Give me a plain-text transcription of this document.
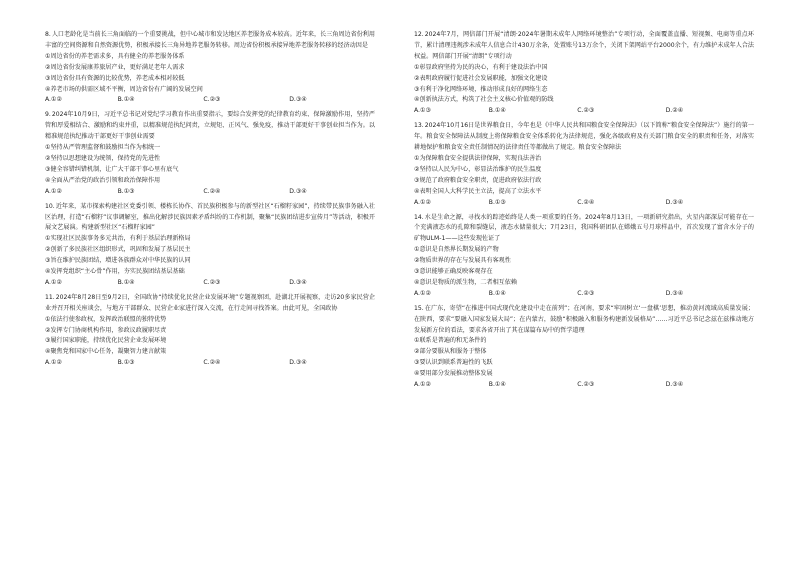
8.人口老龄化是当前长三角面临的一个重要挑战，但中心城市和发达地区养老服务成本较高。近年来，长三角周边省份利用丰富的空间资源和自然资源优势，积极承接长三角异地养老服务转移。周边省份积极承接异地养老服务转移的经济动因是
①周边省份的养老需求多，具有健全的养老服务体系
②周边省份发展康养旅居产业，更好满足老年人需求
③周边省份具有资源的比较优势，养老成本相对较低
④养老市场的供需区域不平衡，周边省份有广阔的发展空间
A.①②	B.①④	C.②③	D.③④
9.2024年10月9日，习近平总书记对党纪学习教育作出重要指示，要综合发挥党的纪律教育约束、保障激励作用，坚持严管和厚爱相结合、激励和约束并重，以精准规范执纪问责，立规矩、正风气、强免疫，推动干部更好干事创业担当作为。以精准规范执纪推动干部更好干事创业需要
①坚持从严管理监督和鼓励担当作为相统一
②坚持以思想建设为统领，保持党的先进性
③健全容错纠错机制，让广大干部干事心里有底气
④全面从严治党的政治引领和政治保障作用
A.①②	B.①③	C.②④	D.③④
10.近年来，某市探索构建社区党委引领、楼栋长协作、首民族积极参与的新型社区“石榴籽家园”，持续带民族事务融入社区治理，打造“石榴籽”议事调解室，推出化解涉民族因素矛盾纠纷的工作机制，聚集“民族团结进步宣传月”等活动，积极开展文艺展演。构建新型社区“石榴籽家园”
①实现社区民族事务多元共治，有利于基层治理新格局
②创新了多民族社区组织形式，巩固和发展了基层民主
③旨在维护民族团结，增进各族群众对中华民族的认同
④发挥党组织“主心骨”作用，夯实民族团结基层基础
A.①②	B.①④	C.②③	D.③④
11.2024年8月28日至9月2日，全国政协“持续优化民营企业发展环境”专题视察团，赴湖北开展视察，走访20多家民营企业并召开相关座谈会，与地方干部群众、民营企业家进行深入交流，在行走间寻找答案。由此可见，全国政协
①依法行使参政权，发挥政治联盟的独特优势
②发挥专门协商机构作用，参政议政履职尽责
③履行国家职能，持续优化民营企业发展环境
④聚焦党和国家中心任务，凝聚智力建言献策
A.①②	B.①③	C.②④	D.③④
12.2024年7月，网信部门开展“清朗·2024年暑期未成年人网络环境整治”专项行动，全面覆盖直播、短视频、电商等重点环节，累计清理违规涉未成年人信息合计430万余条，处置账号13万余个，关闭下架网站平台2000余个，有力维护未成年人合法权益。网信部门开展“清朗”专项行动
①彰显政府坚持为民的决心，有利于建设法治中国
②表明政府履行促进社会发展职能，加强文化建设
③有利于净化网络环境，推动形成良好的网络生态
④创新执法方式，构筑了社会主义核心价值观的防线
A.①③	B.①④	C.②③	D.②④
13.2024年10月16日是世界粮食日，今年也是《中华人民共和国粮食安全保障法》（以下简称“粮食安全保障法”）施行的第一年。粮食安全保障法从制度上将保障粮食安全体系转化为法律规范，强化各级政府及有关部门粮食安全的职责和任务，对落实耕地保护和粮食安全责任制情况的法律责任等都做出了规定。粮食安全保障法
①为保障粮食安全提供法律保障，实现良法善治
②坚持以人民为中心，彰显法治维护的民生温度
③规范了政府粮食安全职责，促进政府依法行政
④表明全国人大科学民主立法，提高了立法水平
A.①②	B.①③	C.②④	D.③④
14.水是生命之源，寻找水的踪迹始终是人类一项重要的任务。2024年8月13日，一项新研究指出，火星内部深层可能存在一个充满液态水的孔隙和裂缝层，液态水储量很大；7月23日，我国科研团队在嫦娥五号月球样品中，首次发现了富含水分子的矿物ULM-1——这些发现佐证了
①意识是自然界长期发展的产物
②物质世界的存在与发展具有客观性
③意识能够正确反映客观存在
④意识是物质的派生物，二者相互依赖
A.①②	B.①④	C.②③	D.③④
15.在广东，寄望“在推进中国式现代化建设中走在前列”；在河南，要求“牢固树立‘一盘棋’思想，推动黄河流域高质量发展；在陕西，要求“要融入国家发展大局”；在内蒙古，鼓励“积极融入和服务构建新发展格局”……习近平总书记念兹在兹推动地方发展新方位的看法，要求各省开出了其在谋篇布局中的哲学道理
①联系是普遍的和无条件的
②部分要服从和服务于整体
③要认识到联系普遍性的飞跃
④要用部分发展推动整体发展
A.①②	B.①④	C.②③	D.③④
